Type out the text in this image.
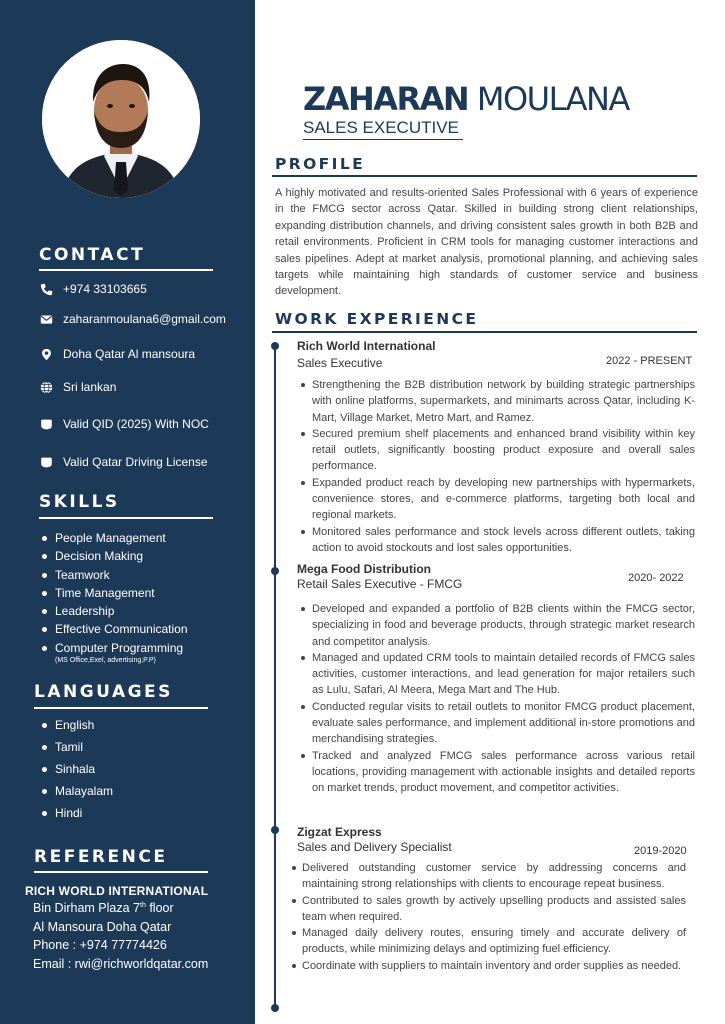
CONTACT
+974 33103665
zaharanmoulana6@gmail.com
Doha Qatar Al mansoura
Sri lankan
Valid QID (2025) With NOC
Valid Qatar Driving License
SKILLS
People Management
Decision Making
Teamwork
Time Management
Leadership
Effective Communication
Computer Programming
(MS Office,Exel, advertising,P.P)
LANGUAGES
English
Tamil
Sinhala
Malayalam
Hindi
REFERENCE
RICH WORLD INTERNATIONAL
Bin Dirham Plaza 7th floor
Al Mansoura Doha Qatar
Phone : +974 77774426
Email : rwi@richworldqatar.com
ZAHARAN MOULANA
SALES EXECUTIVE
PROFILE

A highly motivated and results-oriented Sales Professional with 6 years of experience in the FMCG sector across Qatar. Skilled in building strong client relationships, expanding distribution channels, and driving consistent sales growth in both B2B and retail environments. Proficient in CRM tools for managing customer interactions and sales pipelines. Adept at market analysis, promotional planning, and achieving sales targets while maintaining high standards of customer service and business development.

WORK EXPERIENCE
Rich World International
Sales Executive	2022 - PRESENT
Strengthening the B2B distribution network by building strategic partnerships with online platforms, supermarkets, and minimarts across Qatar, including K-Mart, Village Market, Metro Mart, and Ramez.
Secured premium shelf placements and enhanced brand visibility within key retail outlets, significantly boosting product exposure and overall sales performance.
Expanded product reach by developing new partnerships with hypermarkets, convenience stores, and e-commerce platforms, targeting both local and regional markets.
Monitored sales performance and stock levels across different outlets, taking action to avoid stockouts and lost sales opportunities.
Mega Food Distribution
Retail Sales Executive - FMCG	2020- 2022
Developed and expanded a portfolio of B2B clients within the FMCG sector, specializing in food and beverage products, through strategic market research and competitor analysis.
Managed and updated CRM tools to maintain detailed records of FMCG sales activities, customer interactions, and lead generation for major retailers such as Lulu, Safari, Al Meera, Mega Mart and The Hub.
Conducted regular visits to retail outlets to monitor FMCG product placement, evaluate sales performance, and implement additional in-store promotions and merchandising strategies.
Tracked and analyzed FMCG sales performance across various retail locations, providing management with actionable insights and detailed reports on market trends, product movement, and competitor activities.
Zigzat Express
Sales and Delivery Specialist	2019-2020
Delivered outstanding customer service by addressing concerns and maintaining strong relationships with clients to encourage repeat business.
Contributed to sales growth by actively upselling products and assisted sales team when required.
Managed daily delivery routes, ensuring timely and accurate delivery of products, while minimizing delays and optimizing fuel efficiency.
Coordinate with suppliers to maintain inventory and order supplies as needed.
